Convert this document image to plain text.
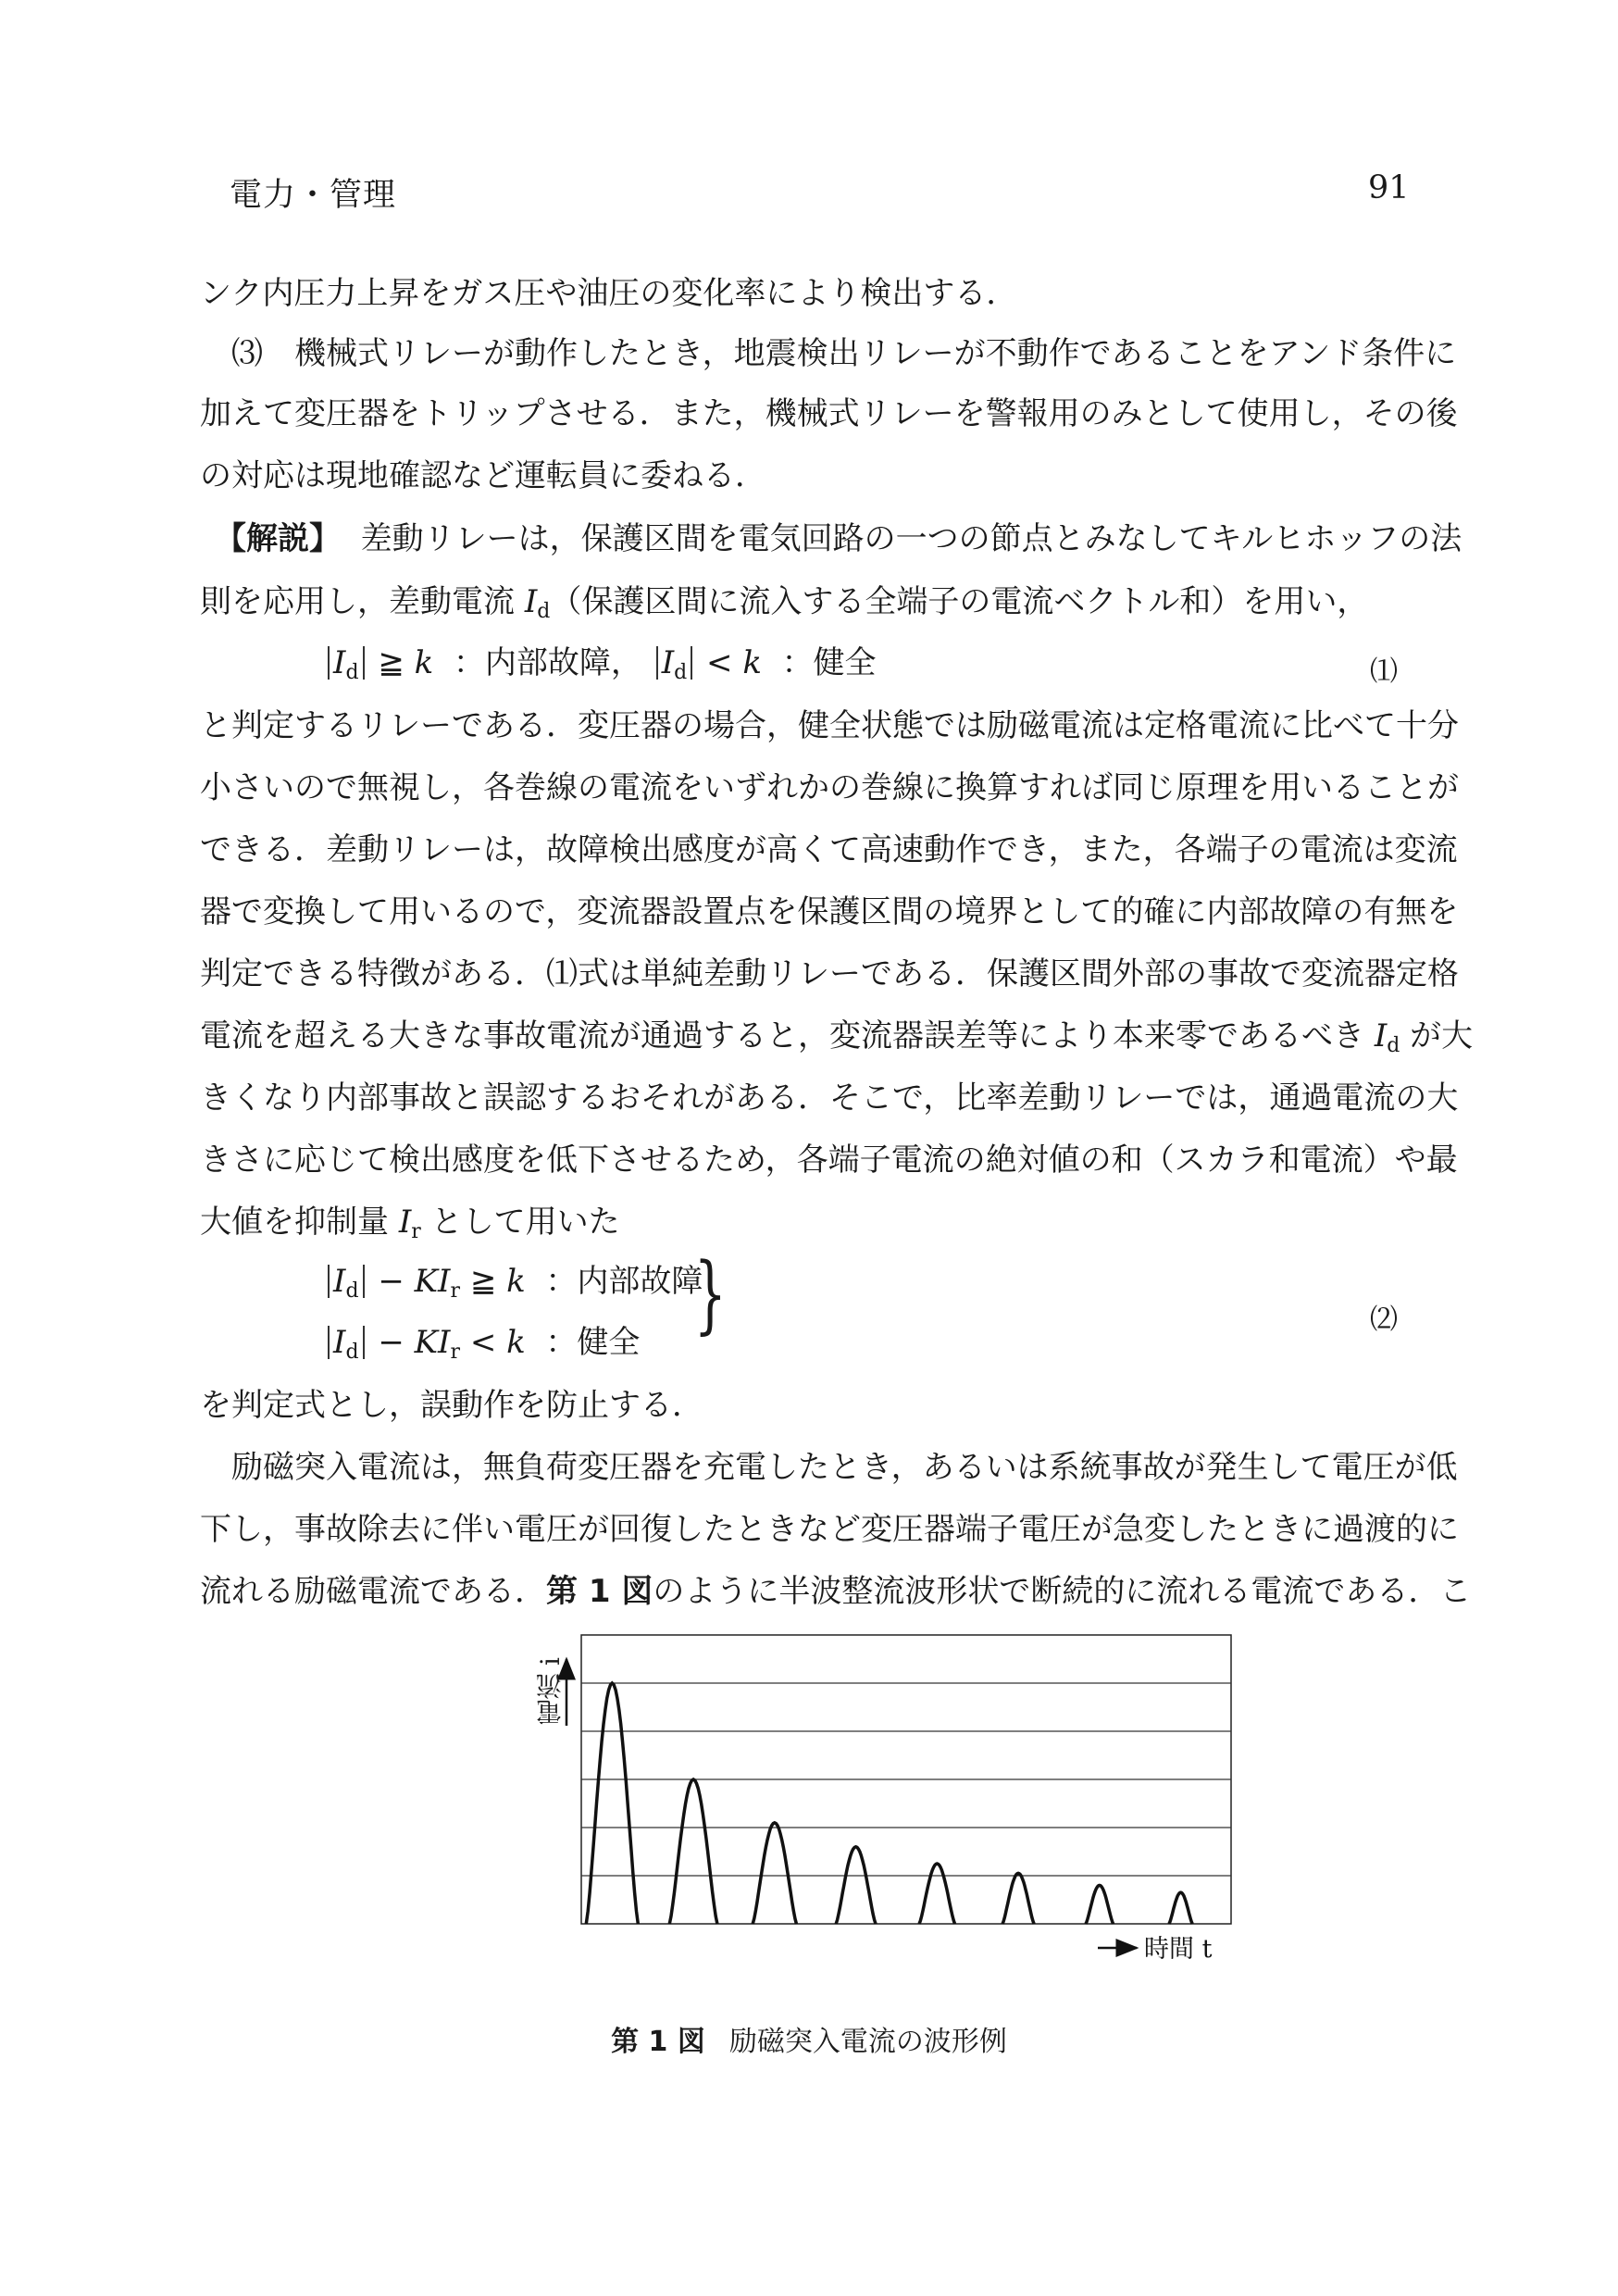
電力・管理	91
ンク内圧力上昇をガス圧や油圧の変化率により検出する．
⑶　機械式リレーが動作したとき，地震検出リレーが不動作であることをアンド条件に
加えて変圧器をトリップさせる．また，機械式リレーを警報用のみとして使用し，その後
の対応は現地確認など運転員に委ねる．
【解説】 差動リレーは，保護区間を電気回路の一つの節点とみなしてキルヒホッフの法
則を応用し，差動電流 $I_d$（保護区間に流入する全端子の電流ベクトル和）を用い，
$I_d$ ≧ k ：内部故障， $I_d < k$ ：健全	⑴
と判定するリレーである．変圧器の場合，健全状態では励磁電流は定格電流に比べて十分
小さいので無視し，各巻線の電流をいずれかの巻線に換算すれば同じ原理を用いることが
できる．差動リレーは，故障検出感度が高くて高速動作でき，また，各端子の電流は変流
器で変換して用いるので，変流器設置点を保護区間の境界として的確に内部故障の有無を
判定できる特徴がある．⑴式は単純差動リレーである．保護区間外部の事故で変流器定格
電流を超える大きな事故電流が通過すると，変流器誤差等により本来零であるべき $I_d$ が大
きくなり内部事故と誤認するおそれがある．そこで，比率差動リレーでは，通過電流の大
きさに応じて検出感度を低下させるため，各端子電流の絶対値の和（スカラ和電流）や最
大値を抑制量 $I_r$ として用いた
$I_d - KI_r$ ≧ k ：内部故障
$I_d - KI_r < k$ ：健全 }	⑵
を判定式とし，誤動作を防止する．
励磁突入電流は，無負荷変圧器を充電したとき，あるいは系統事故が発生して電圧が低
下し，事故除去に伴い電圧が回復したときなど変圧器端子電圧が急変したときに過渡的に
流れる励磁電流である．第 1 図のように半波整流波形状で断続的に流れる電流である．こ
時間 t
電流 i
第 1 図 励磁突入電流の波形例
